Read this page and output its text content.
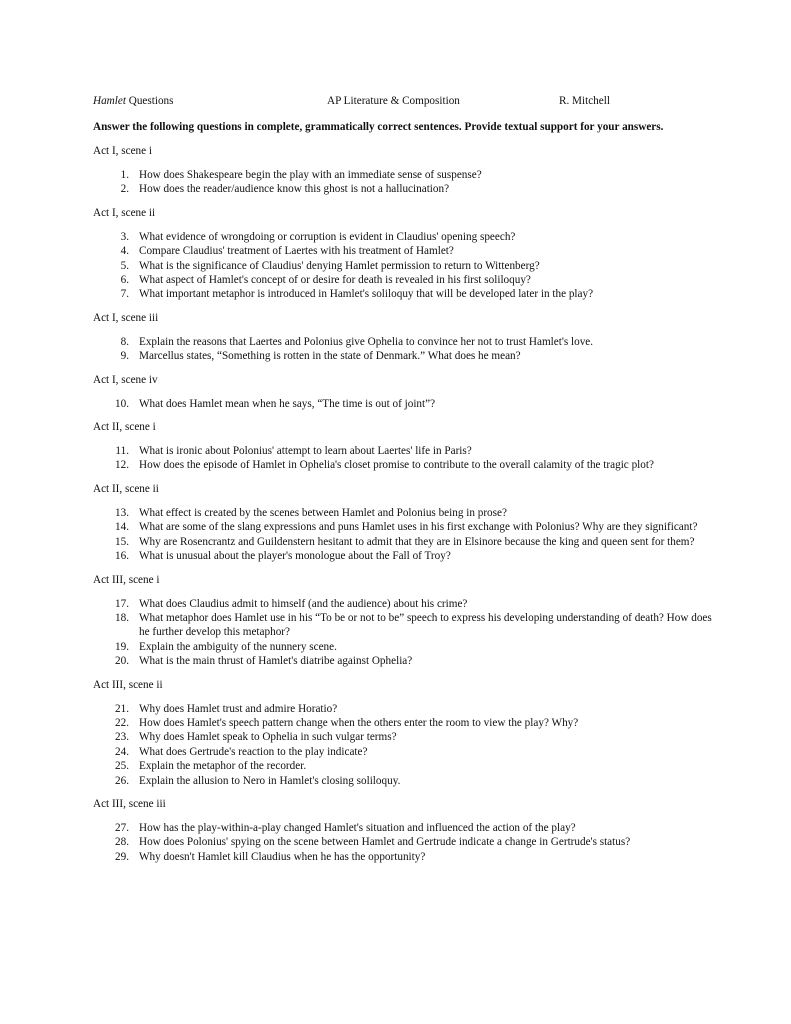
Hamlet Questions	AP Literature & Composition	R. Mitchell
Answer the following questions in complete, grammatically correct sentences. Provide textual support for your answers.
Act I, scene i
1. How does Shakespeare begin the play with an immediate sense of suspense?
2. How does the reader/audience know this ghost is not a hallucination?
Act I, scene ii
3. What evidence of wrongdoing or corruption is evident in Claudius' opening speech?
4. Compare Claudius' treatment of Laertes with his treatment of Hamlet?
5. What is the significance of Claudius' denying Hamlet permission to return to Wittenberg?
6. What aspect of Hamlet's concept of or desire for death is revealed in his first soliloquy?
7. What important metaphor is introduced in Hamlet's soliloquy that will be developed later in the play?
Act I, scene iii
8. Explain the reasons that Laertes and Polonius give Ophelia to convince her not to trust Hamlet's love.
9. Marcellus states, “Something is rotten in the state of Denmark.” What does he mean?
Act I, scene iv
10. What does Hamlet mean when he says, “The time is out of joint”?
Act II, scene i
11. What is ironic about Polonius' attempt to learn about Laertes' life in Paris?
12. How does the episode of Hamlet in Ophelia's closet promise to contribute to the overall calamity of the tragic plot?
Act II, scene ii
13. What effect is created by the scenes between Hamlet and Polonius being in prose?
14. What are some of the slang expressions and puns Hamlet uses in his first exchange with Polonius? Why are they significant?
15. Why are Rosencrantz and Guildenstern hesitant to admit that they are in Elsinore because the king and queen sent for them?
16. What is unusual about the player's monologue about the Fall of Troy?
Act III, scene i
17. What does Claudius admit to himself (and the audience) about his crime?
18. What metaphor does Hamlet use in his “To be or not to be” speech to express his developing understanding of death? How does he further develop this metaphor?
19. Explain the ambiguity of the nunnery scene.
20. What is the main thrust of Hamlet's diatribe against Ophelia?
Act III, scene ii
21. Why does Hamlet trust and admire Horatio?
22. How does Hamlet's speech pattern change when the others enter the room to view the play? Why?
23. Why does Hamlet speak to Ophelia in such vulgar terms?
24. What does Gertrude's reaction to the play indicate?
25. Explain the metaphor of the recorder.
26. Explain the allusion to Nero in Hamlet's closing soliloquy.
Act III, scene iii
27. How has the play-within-a-play changed Hamlet's situation and influenced the action of the play?
28. How does Polonius' spying on the scene between Hamlet and Gertrude indicate a change in Gertrude's status?
29. Why doesn't Hamlet kill Claudius when he has the opportunity?
